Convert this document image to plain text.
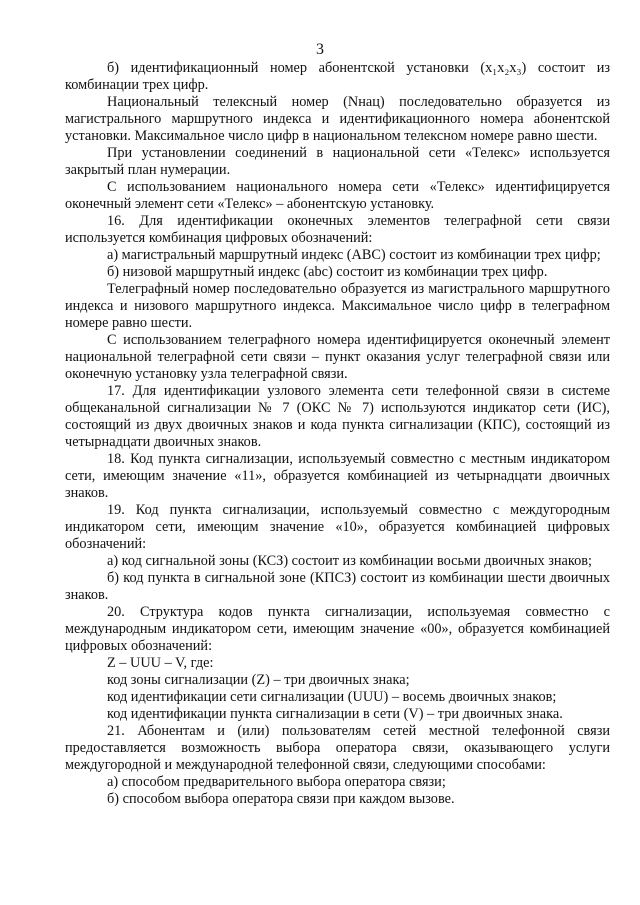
3

б) идентификационный номер абонентской установки (x₁x₂x₃) состоит из комбинации трех цифр.

Национальный телексный номер (Nнац) последовательно образуется из магистрального маршрутного индекса и идентификационного номера абонентской установки. Максимальное число цифр в национальном телексном номере равно шести.

При установлении соединений в национальной сети «Телекс» используется закрытый план нумерации.

С использованием национального номера сети «Телекс» идентифицируется оконечный элемент сети «Телекс» – абонентскую установку.

16. Для идентификации оконечных элементов телеграфной сети связи используется комбинация цифровых обозначений:

а) магистральный маршрутный индекс (АВС) состоит из комбинации трех цифр;

б) низовой маршрутный индекс (abc) состоит из комбинации трех цифр.

Телеграфный номер последовательно образуется из магистрального маршрутного индекса и низового маршрутного индекса. Максимальное число цифр в телеграфном номере равно шести.

С использованием телеграфного номера идентифицируется оконечный элемент национальной телеграфной сети связи – пункт оказания услуг телеграфной связи или оконечную установку узла телеграфной связи.

17. Для идентификации узлового элемента сети телефонной связи в системе общеканальной сигнализации № 7 (ОКС № 7) используются индикатор сети (ИС), состоящий из двух двоичных знаков и кода пункта сигнализации (КПС), состоящий из четырнадцати двоичных знаков.

18. Код пункта сигнализации, используемый совместно с местным индикатором сети, имеющим значение «11», образуется комбинацией из четырнадцати двоичных знаков.

19. Код пункта сигнализации, используемый совместно с междугородным индикатором сети, имеющим значение «10», образуется комбинацией цифровых обозначений:

а) код сигнальной зоны (КСЗ) состоит из комбинации восьми двоичных знаков;

б) код пункта в сигнальной зоне (КПСЗ) состоит из комбинации шести двоичных знаков.

20. Структура кодов пункта сигнализации, используемая совместно с международным индикатором сети, имеющим значение «00», образуется комбинацией цифровых обозначений:

Z – UUU – V, где:

код зоны сигнализации (Z) – три двоичных знака;

код идентификации сети сигнализации (UUU) – восемь двоичных знаков;

код идентификации пункта сигнализации в сети (V) – три двоичных знака.

21. Абонентам и (или) пользователям сетей местной телефонной связи предоставляется возможность выбора оператора связи, оказывающего услуги междугородной и международной телефонной связи, следующими способами:

а) способом предварительного выбора оператора связи;

б) способом выбора оператора связи при каждом вызове.
